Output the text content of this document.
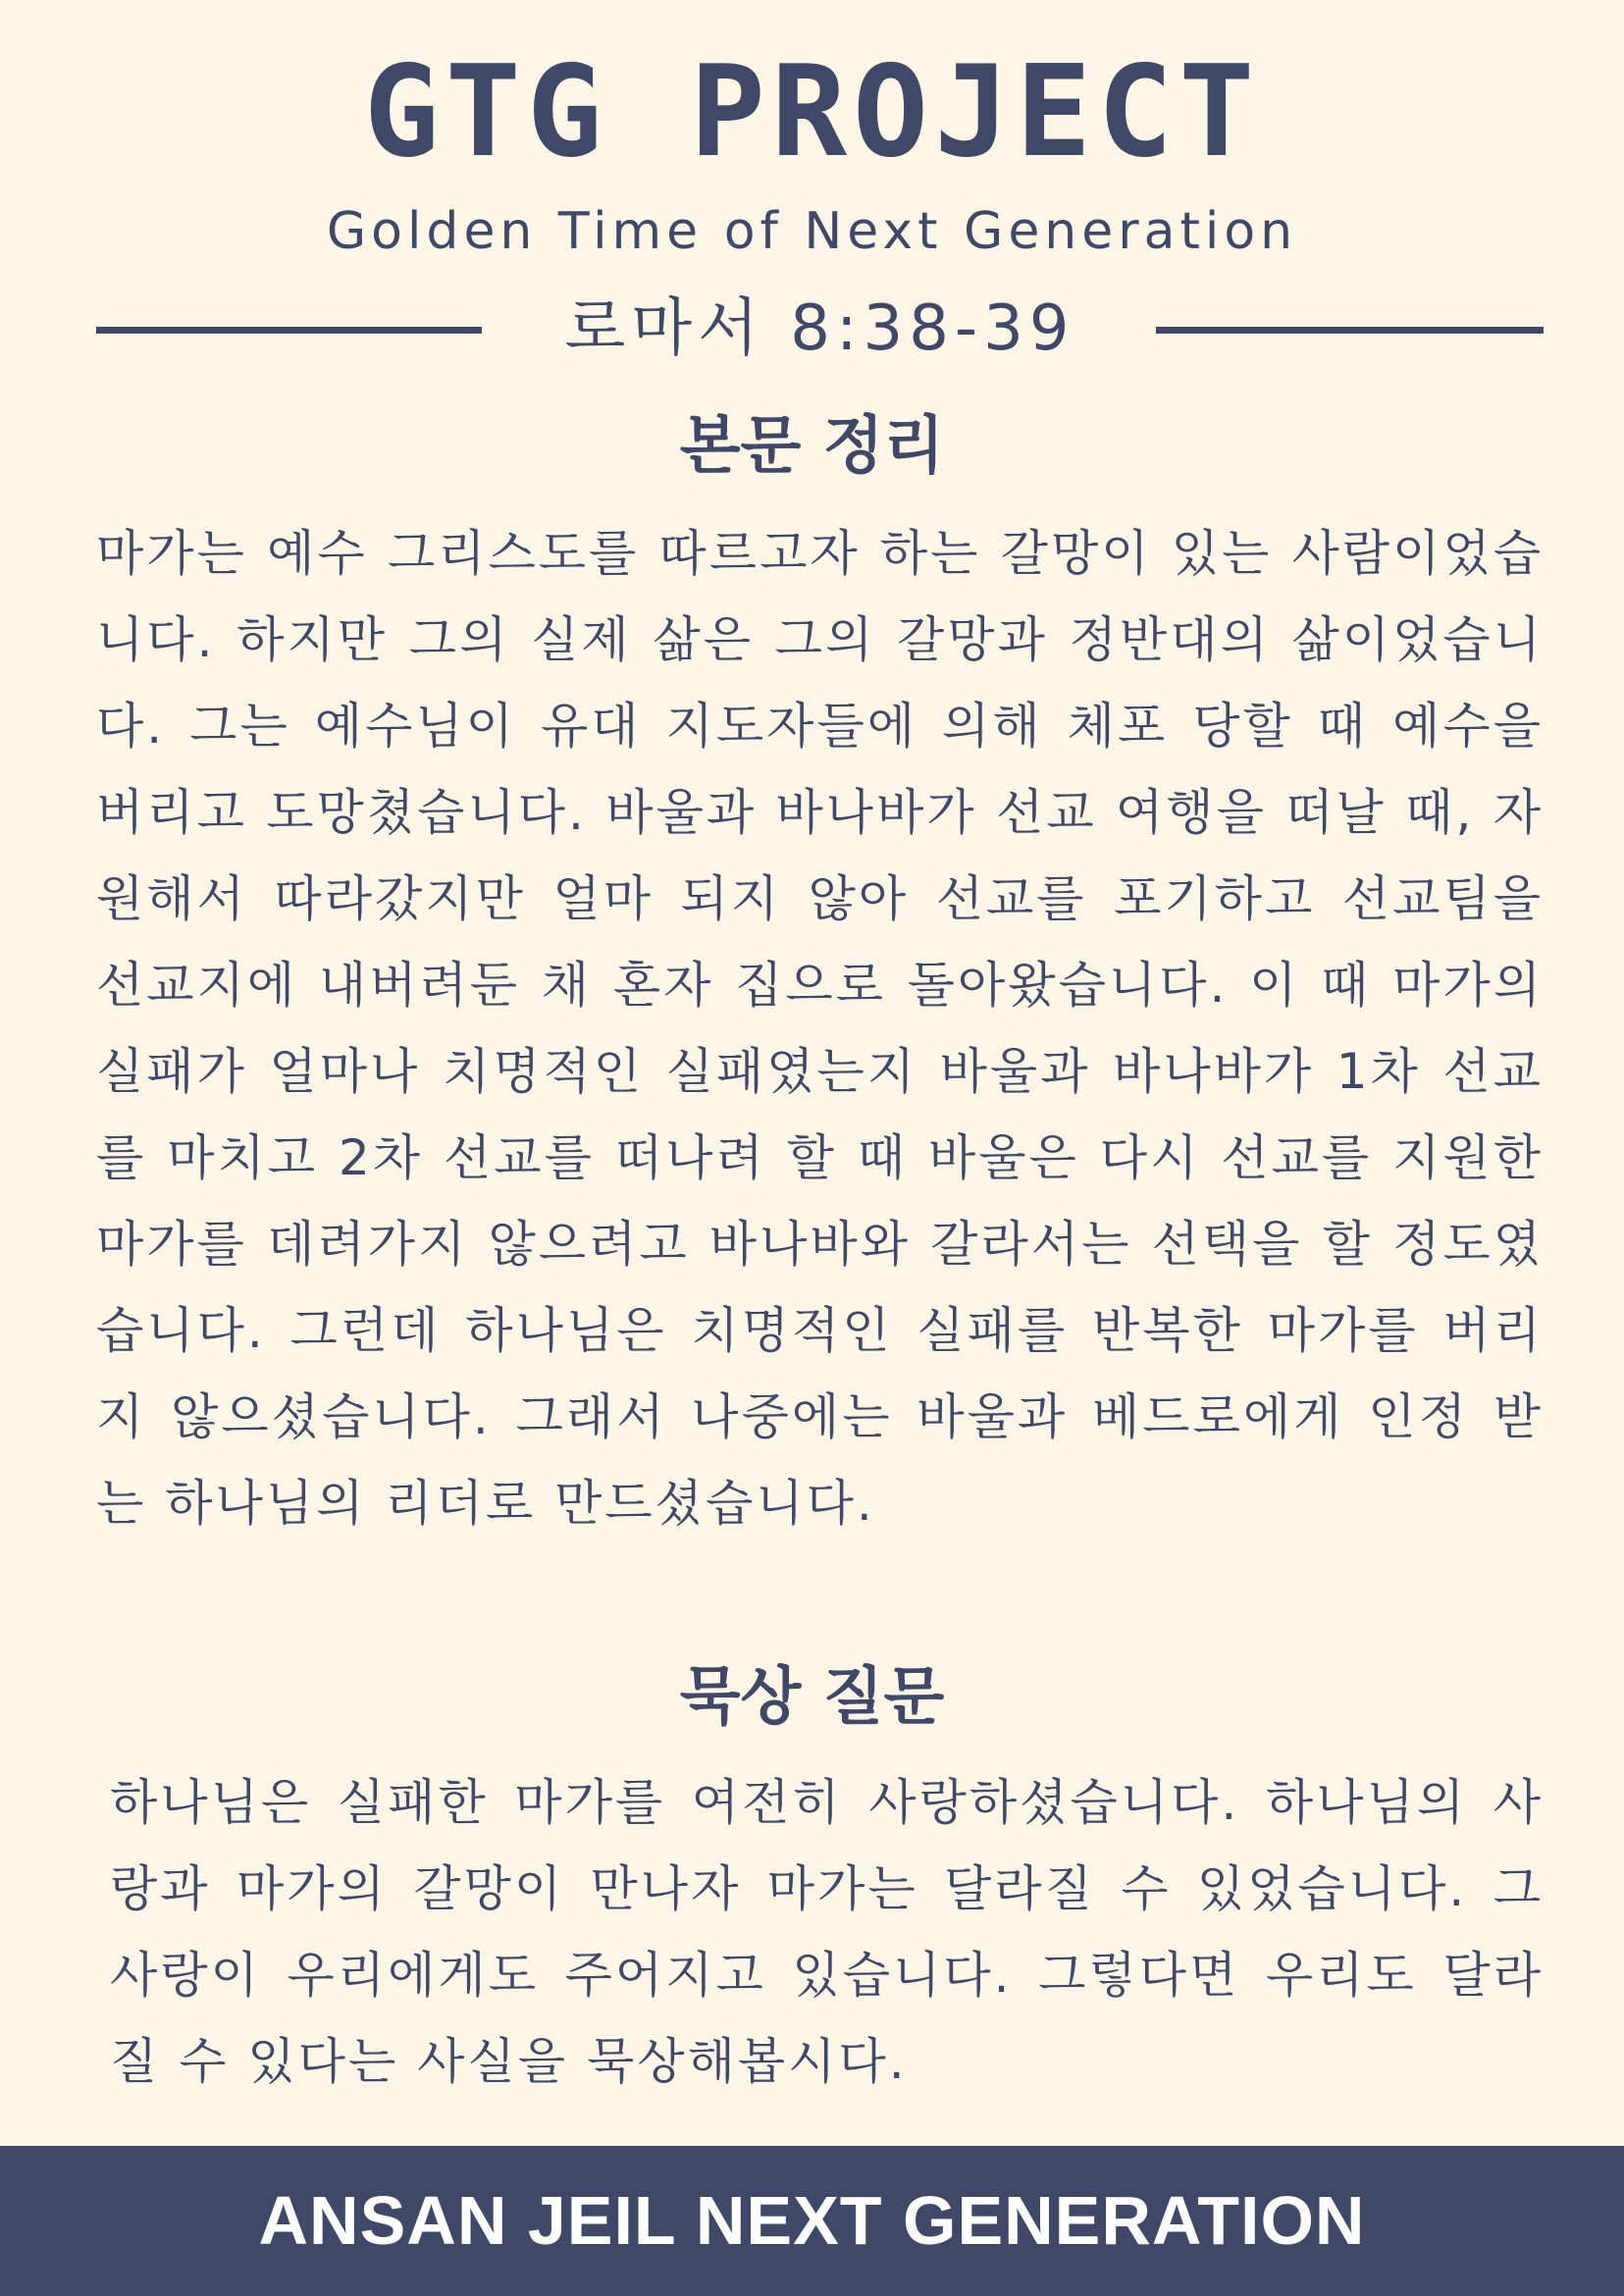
GTG PROJECT
Golden Time of Next Generation
로마서 8:38-39
본문 정리
마가는 예수 그리스도를 따르고자 하는 갈망이 있는 사람이었습니다. 하지만 그의 실제 삶은 그의 갈망과 정반대의 삶이었습니다. 그는 예수님이 유대 지도자들에 의해 체포 당할 때 예수을 버리고 도망쳤습니다. 바울과 바나바가 선교 여행을 떠날 때, 자원해서 따라갔지만 얼마 되지 않아 선교를 포기하고 선교팀을 선교지에 내버려둔 채 혼자 집으로 돌아왔습니다. 이 때 마가의 실패가 얼마나 치명적인 실패였는지 바울과 바나바가 1차 선교를 마치고 2차 선교를 떠나려 할 때 바울은 다시 선교를 지원한 마가를 데려가지 않으려고 바나바와 갈라서는 선택을 할 정도였습니다. 그런데 하나님은 치명적인 실패를 반복한 마가를 버리지 않으셨습니다. 그래서 나중에는 바울과 베드로에게 인정 받는 하나님의 리더로 만드셨습니다.
묵상 질문
하나님은 실패한 마가를 여전히 사랑하셨습니다. 하나님의 사랑과 마가의 갈망이 만나자 마가는 달라질 수 있었습니다. 그 사랑이 우리에게도 주어지고 있습니다. 그렇다면 우리도 달라질 수 있다는 사실을 묵상해봅시다.
ANSAN JEIL NEXT GENERATION
